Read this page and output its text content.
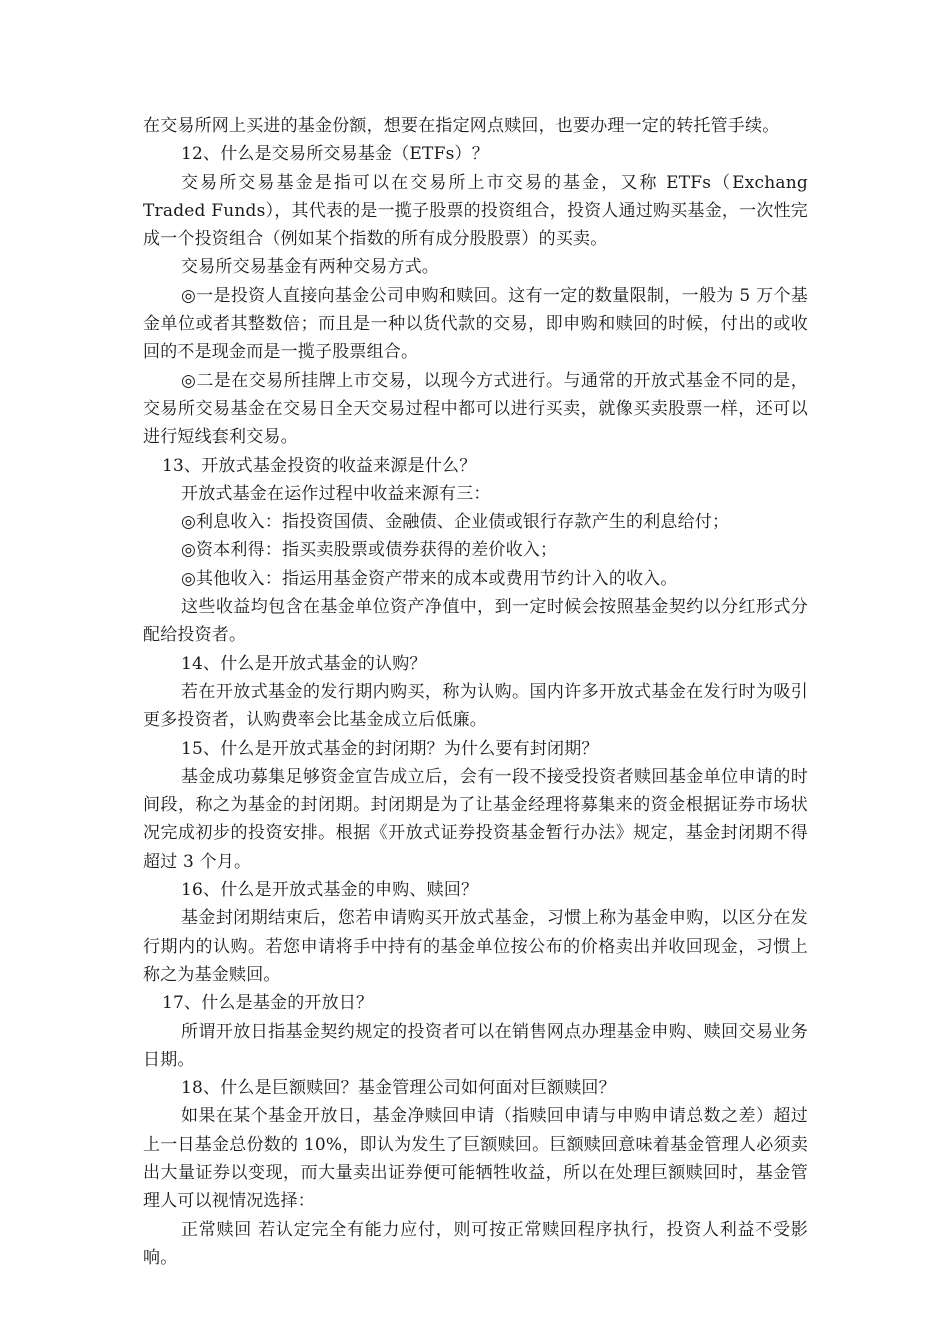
在交易所网上买进的基金份额，想要在指定网点赎回，也要办理一定的转托管手续。

12、什么是交易所交易基金（ETFs）？

交易所交易基金是指可以在交易所上市交易的基金，又称 ETFs（Exchang Traded Funds），其代表的是一揽子股票的投资组合，投资人通过购买基金，一次性完成一个投资组合（例如某个指数的所有成分股股票）的买卖。

交易所交易基金有两种交易方式。

◎一是投资人直接向基金公司申购和赎回。这有一定的数量限制，一般为 5 万个基金单位或者其整数倍；而且是一种以货代款的交易，即申购和赎回的时候，付出的或收回的不是现金而是一揽子股票组合。

◎二是在交易所挂牌上市交易，以现今方式进行。与通常的开放式基金不同的是，交易所交易基金在交易日全天交易过程中都可以进行买卖，就像买卖股票一样，还可以进行短线套利交易。

13、开放式基金投资的收益来源是什么？

开放式基金在运作过程中收益来源有三：

◎利息收入：指投资国债、金融债、企业债或银行存款产生的利息给付；

◎资本利得：指买卖股票或债券获得的差价收入；

◎其他收入：指运用基金资产带来的成本或费用节约计入的收入。

这些收益均包含在基金单位资产净值中，到一定时候会按照基金契约以分红形式分配给投资者。

14、什么是开放式基金的认购？

若在开放式基金的发行期内购买，称为认购。国内许多开放式基金在发行时为吸引更多投资者，认购费率会比基金成立后低廉。

15、什么是开放式基金的封闭期？为什么要有封闭期？

基金成功募集足够资金宣告成立后，会有一段不接受投资者赎回基金单位申请的时间段，称之为基金的封闭期。封闭期是为了让基金经理将募集来的资金根据证券市场状况完成初步的投资安排。根据《开放式证券投资基金暂行办法》规定，基金封闭期不得超过 3 个月。

16、什么是开放式基金的申购、赎回？

基金封闭期结束后，您若申请购买开放式基金，习惯上称为基金申购，以区分在发行期内的认购。若您申请将手中持有的基金单位按公布的价格卖出并收回现金，习惯上称之为基金赎回。

17、什么是基金的开放日？

所谓开放日指基金契约规定的投资者可以在销售网点办理基金申购、赎回交易业务日期。

18、什么是巨额赎回？基金管理公司如何面对巨额赎回？

如果在某个基金开放日，基金净赎回申请（指赎回申请与申购申请总数之差）超过上一日基金总份数的 10%，即认为发生了巨额赎回。巨额赎回意味着基金管理人必须卖出大量证券以变现，而大量卖出证券便可能牺牲收益，所以在处理巨额赎回时，基金管理人可以视情况选择：

正常赎回 若认定完全有能力应付，则可按正常赎回程序执行，投资人利益不受影响。
